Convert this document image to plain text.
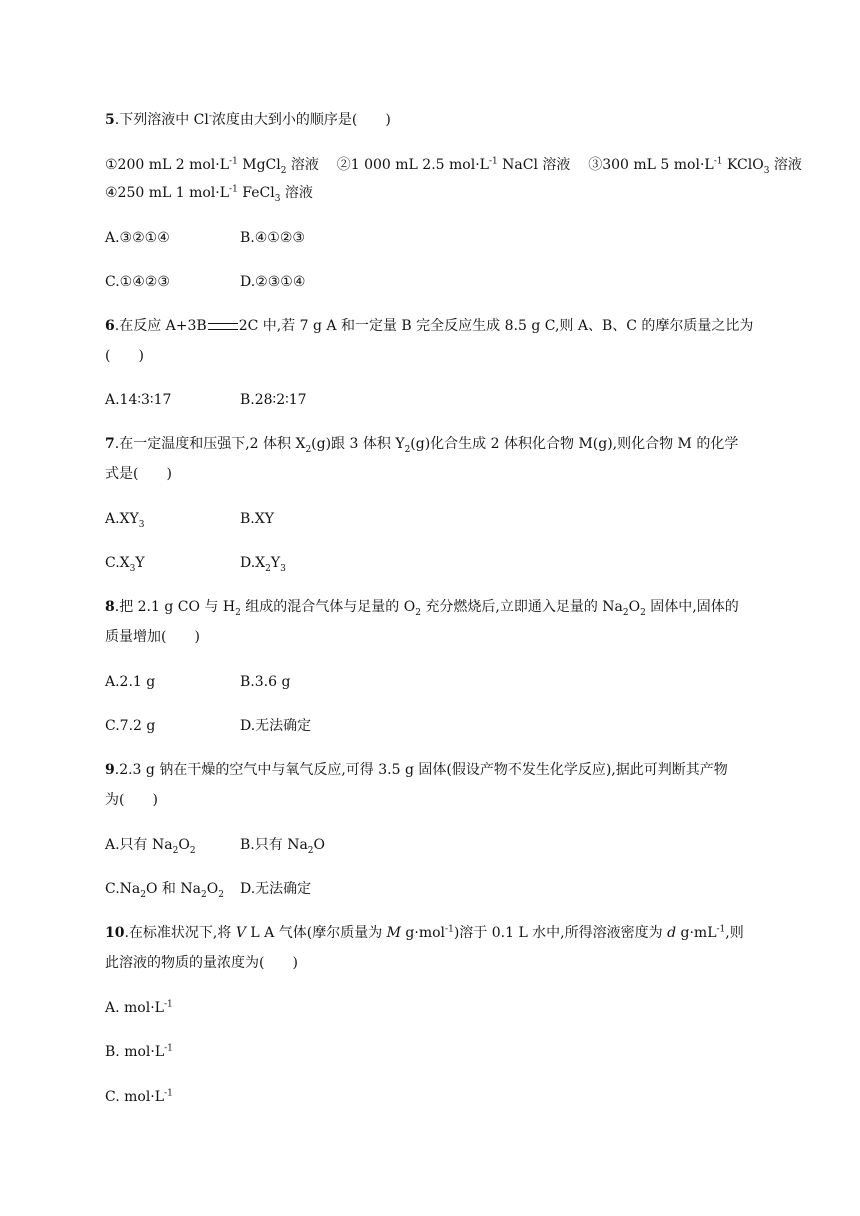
5.下列溶液中 Cl-浓度由大到小的顺序是(　　)
①200 mL 2 $mol\cdot L^{-1}$ MgCl$_2$ 溶液 ②1 000 mL 2.5 $mol\cdot L^{-1}$ NaCl 溶液 ③300 mL 5 $mol\cdot L^{-1}$ KClO$_3$ 溶液
④250 mL 1 $mol\cdot L^{-1}$ FeCl$_3$ 溶液
A.③②①④	B.④①②③
C.①④②③	D.②③①④
6.在反应 A+3B 2C 中,若 7 g A 和一定量 B 完全反应生成 8.5 g C,则 A、B、C 的摩尔质量之比为
(　　)
A.14∶3∶17	B.28∶2∶17
7.在一定温度和压强下,2 体积 $X_2(g)$跟 3 体积 $Y_2(g)$化合生成 2 体积化合物 M(g),则化合物 M 的化学
式是(　　)
$A.XY_3$	B.XY
$C.X_3Y$	$D.X_2Y_3$
8.把 2.1 g CO 与 $H_2$ 组成的混合气体与足量的 $O_2$ 充分燃烧后,立即通入足量的 $Na_2O_2$ 固体中,固体的
质量增加(　　)
A.2.1 g	B.3.6 g
C.7.2 g	D.无法确定
9.2.3 g 钠在干燥的空气中与氧气反应,可得 3.5 g 固体(假设产物不发生化学反应),据此可判断其产物
为(　　)
A.只有 $Na_2O_2$	B.只有 $Na_2O$
$C.Na_2O$ 和 $Na_2O_2$ D.无法确定
10.在标准状况下,将 V L A 气体(摩尔质量为 M g·mol$^{-1}$)溶于 0.1 L 水中,所得溶液密度为 d $g\cdot mL^{-1}$,则
此溶液的物质的量浓度为(　　)
A. $mol\cdot L^{-1}$
B. $mol\cdot L^{-1}$
C. $mol\cdot L^{-1}$
